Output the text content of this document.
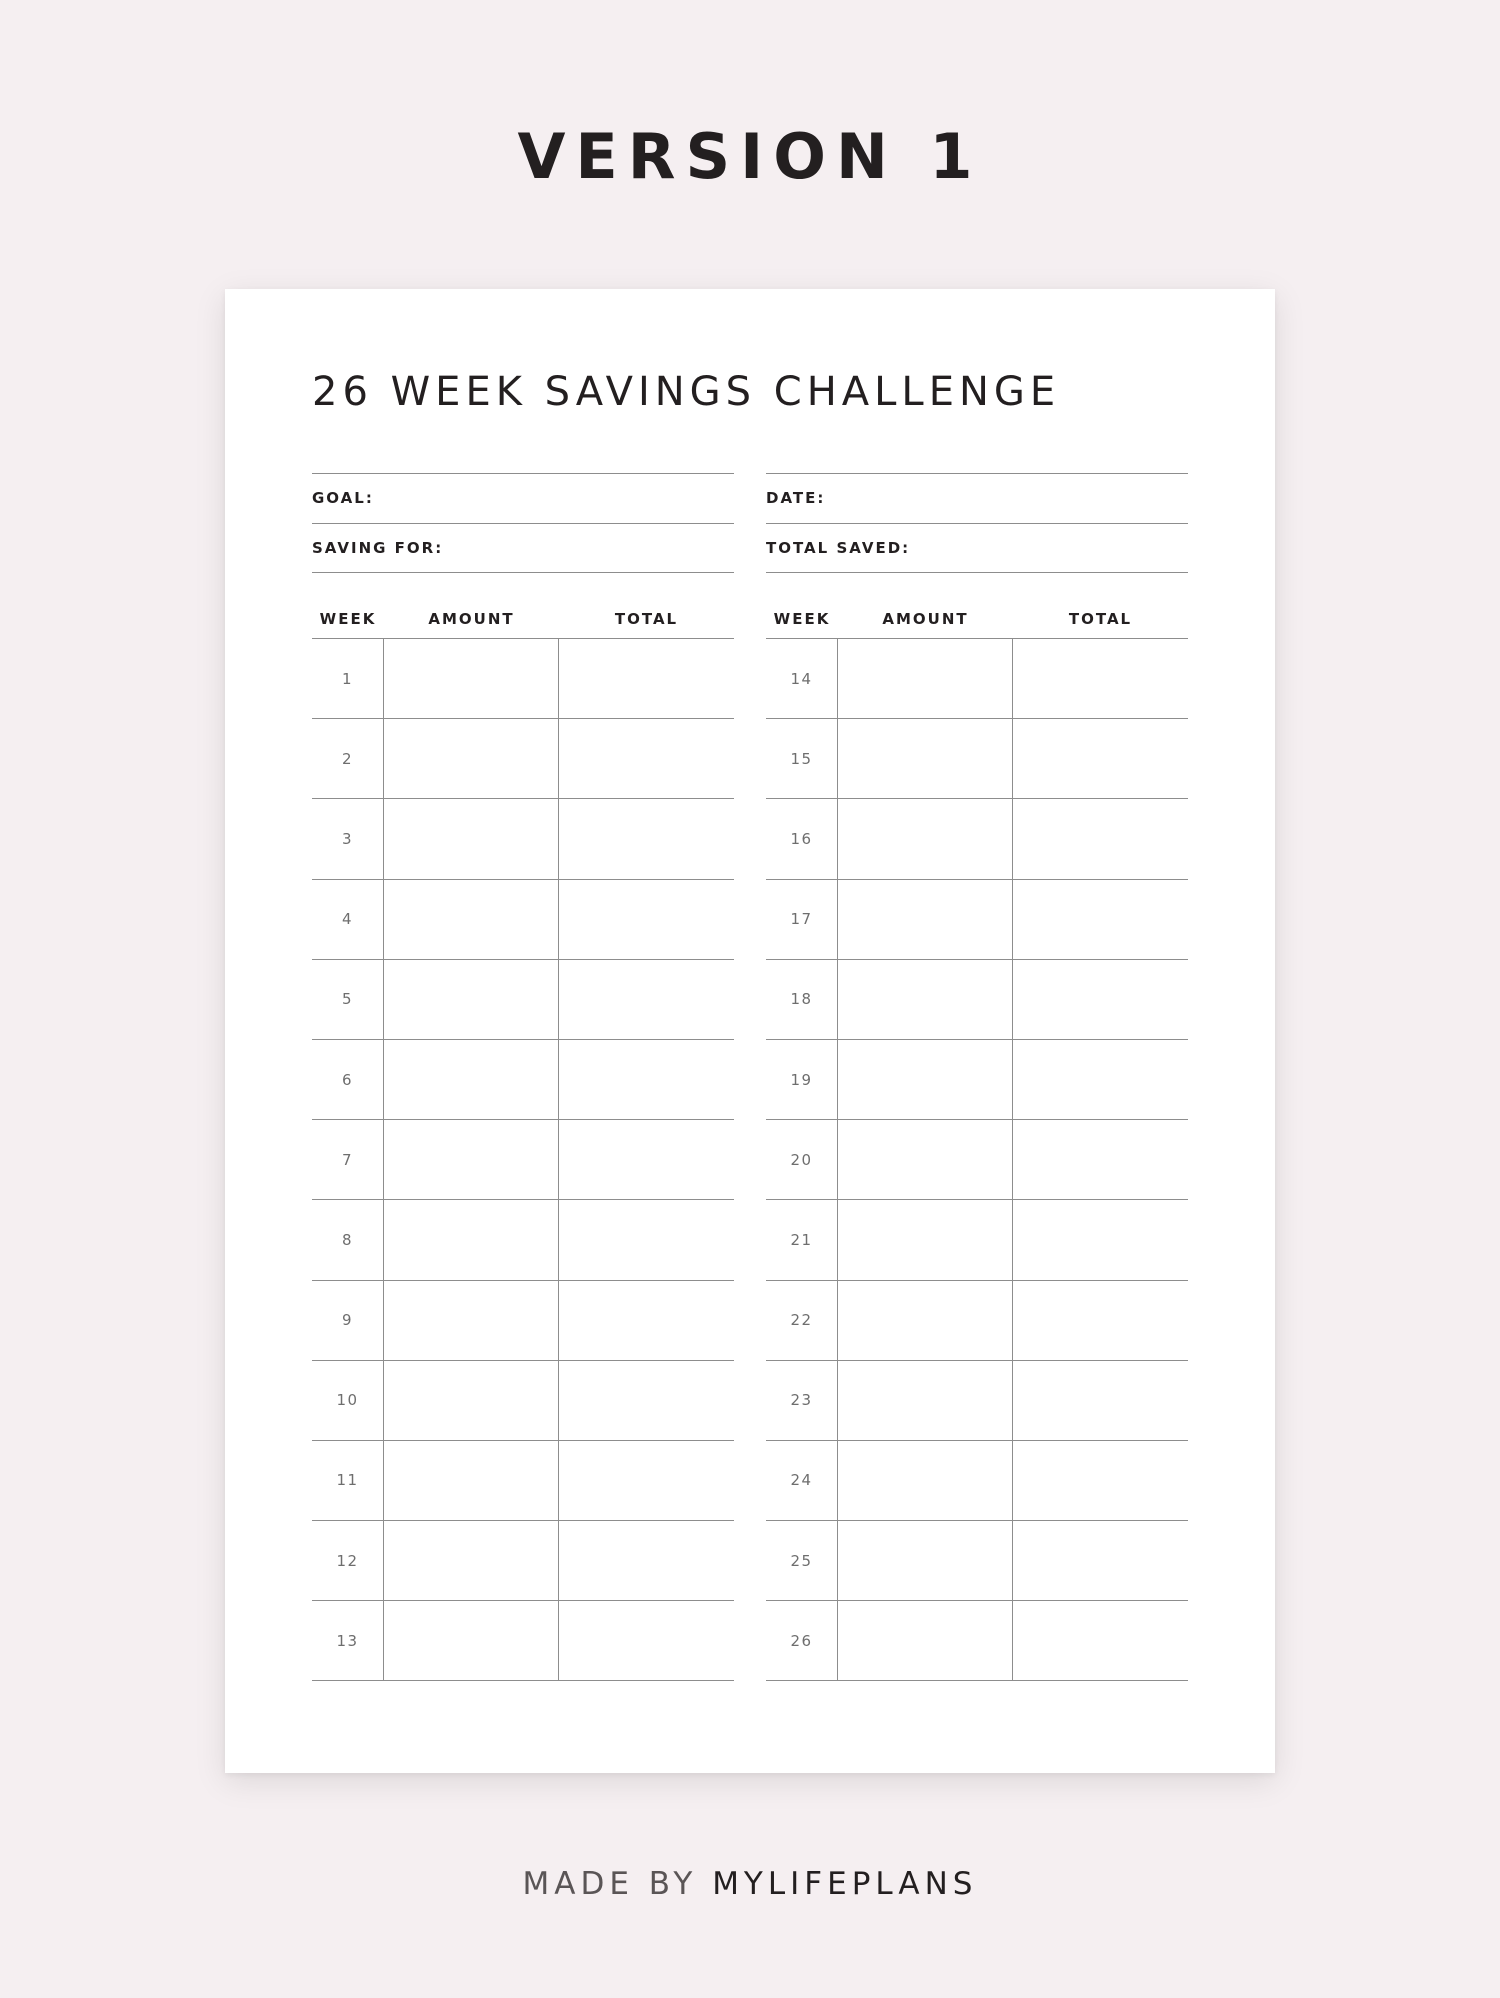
VERSION 1
26 WEEK SAVINGS CHALLENGE
GOAL:
SAVING FOR:
DATE:
TOTAL SAVED:
WEEK	AMOUNT	TOTAL
1
2
3
4
5
6
7
8
9
10
11
12
13
WEEK	AMOUNT	TOTAL
14
15
16
17
18
19
20
21
22
23
24
25
26
MADE BY MYLIFEPLANS
